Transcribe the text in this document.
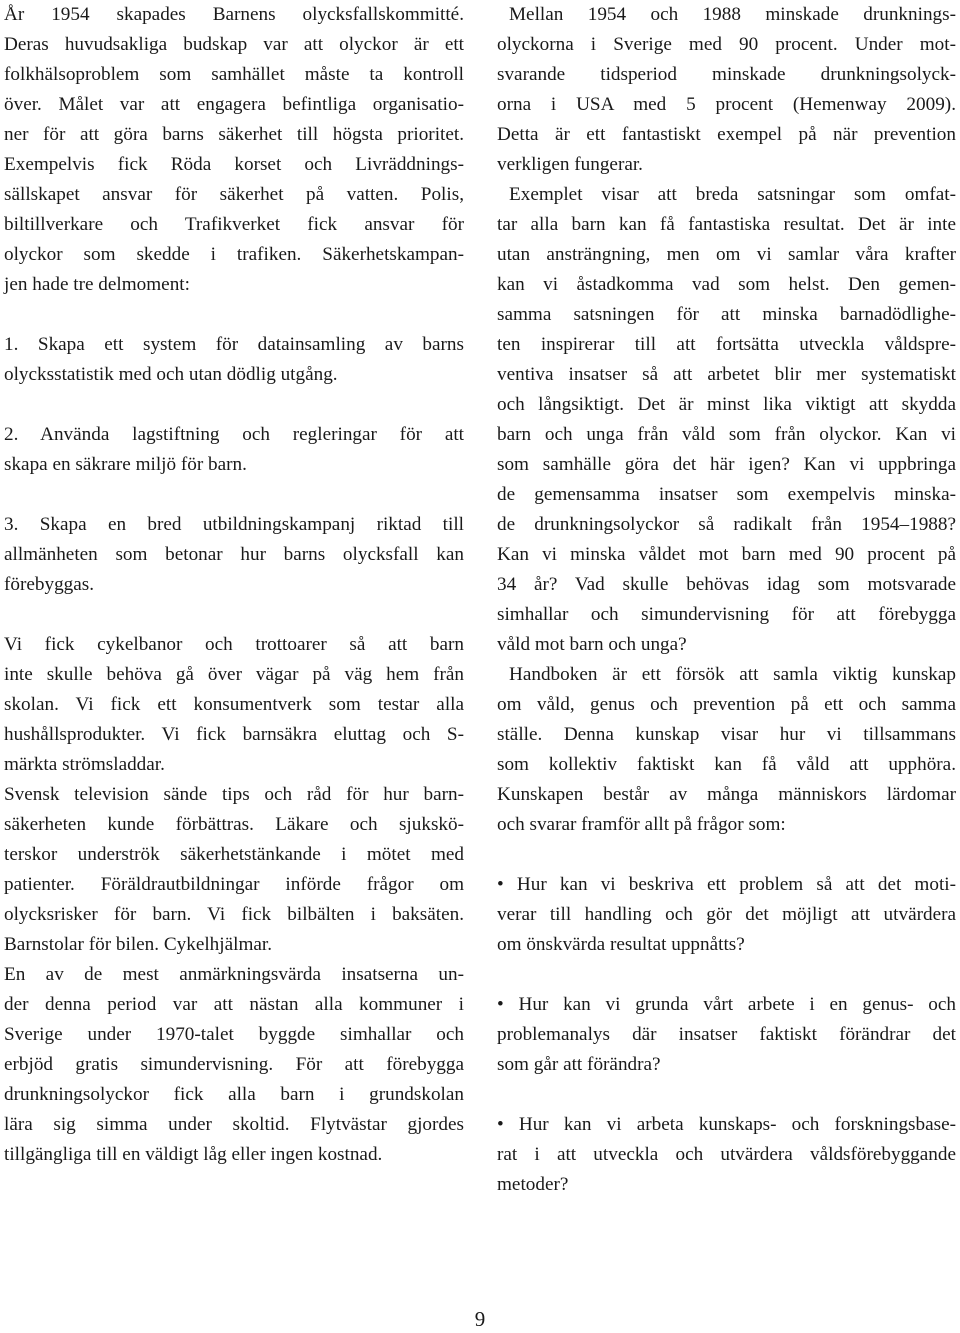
År 1954 skapades Barnens olycksfallskommitté.
Deras huvudsakliga budskap var att olyckor är ett
folkhälsoproblem som samhället måste ta kontroll
över. Målet var att engagera befintliga organisatio-
ner för att göra barns säkerhet till högsta prioritet.
Exempelvis fick Röda korset och Livräddnings-
sällskapet ansvar för säkerhet på vatten. Polis,
biltillverkare och Trafikverket fick ansvar för
olyckor som skedde i trafiken. Säkerhetskampan-
jen hade tre delmoment:
1. Skapa ett system för datainsamling av barns
olycksstatistik med och utan dödlig utgång.
2. Använda lagstiftning och regleringar för att
skapa en säkrare miljö för barn.
3. Skapa en bred utbildningskampanj riktad till
allmänheten som betonar hur barns olycksfall kan
förebyggas.
Vi fick cykelbanor och trottoarer så att barn
inte skulle behöva gå över vägar på väg hem från
skolan. Vi fick ett konsumentverk som testar alla
hushållsprodukter. Vi fick barnsäkra eluttag och S-
märkta strömsladdar.
Svensk television sände tips och råd för hur barn-
säkerheten kunde förbättras. Läkare och sjukskö-
terskor underströk säkerhetstänkande i mötet med
patienter. Föräldrautbildningar införde frågor om
olycksrisker för barn. Vi fick bilbälten i baksäten.
Barnstolar för bilen. Cykelhjälmar.
En av de mest anmärkningsvärda insatserna un-
der denna period var att nästan alla kommuner i
Sverige under 1970-talet byggde simhallar och
erbjöd gratis simundervisning. För att förebygga
drunkningsolyckor fick alla barn i grundskolan
lära sig simma under skoltid. Flytvästar gjordes
tillgängliga till en väldigt låg eller ingen kostnad.
Mellan 1954 och 1988 minskade drunknings-
olyckorna i Sverige med 90 procent. Under mot-
svarande tidsperiod minskade drunkningsolyck-
orna i USA med 5 procent (Hemenway 2009).
Detta är ett fantastiskt exempel på när prevention
verkligen fungerar.
Exemplet visar att breda satsningar som omfat-
tar alla barn kan få fantastiska resultat. Det är inte
utan ansträngning, men om vi samlar våra krafter
kan vi åstadkomma vad som helst. Den gemen-
samma satsningen för att minska barnadödlighe-
ten inspirerar till att fortsätta utveckla våldspre-
ventiva insatser så att arbetet blir mer systematiskt
och långsiktigt. Det är minst lika viktigt att skydda
barn och unga från våld som från olyckor. Kan vi
som samhälle göra det här igen? Kan vi uppbringa
de gemensamma insatser som exempelvis minska-
de drunkningsolyckor så radikalt från 1954–1988?
Kan vi minska våldet mot barn med 90 procent på
34 år? Vad skulle behövas idag som motsvarade
simhallar och simundervisning för att förebygga
våld mot barn och unga?
Handboken är ett försök att samla viktig kunskap
om våld, genus och prevention på ett och samma
ställe. Denna kunskap visar hur vi tillsammans
som kollektiv faktiskt kan få våld att upphöra.
Kunskapen består av många människors lärdomar
och svarar framför allt på frågor som:
• Hur kan vi beskriva ett problem så att det moti-
verar till handling och gör det möjligt att utvärdera
om önskvärda resultat uppnåtts?
• Hur kan vi grunda vårt arbete i en genus- och
problemanalys där insatser faktiskt förändrar det
som går att förändra?
• Hur kan vi arbeta kunskaps- och forskningsbase-
rat i att utveckla och utvärdera våldsförebyggande
metoder?
9
